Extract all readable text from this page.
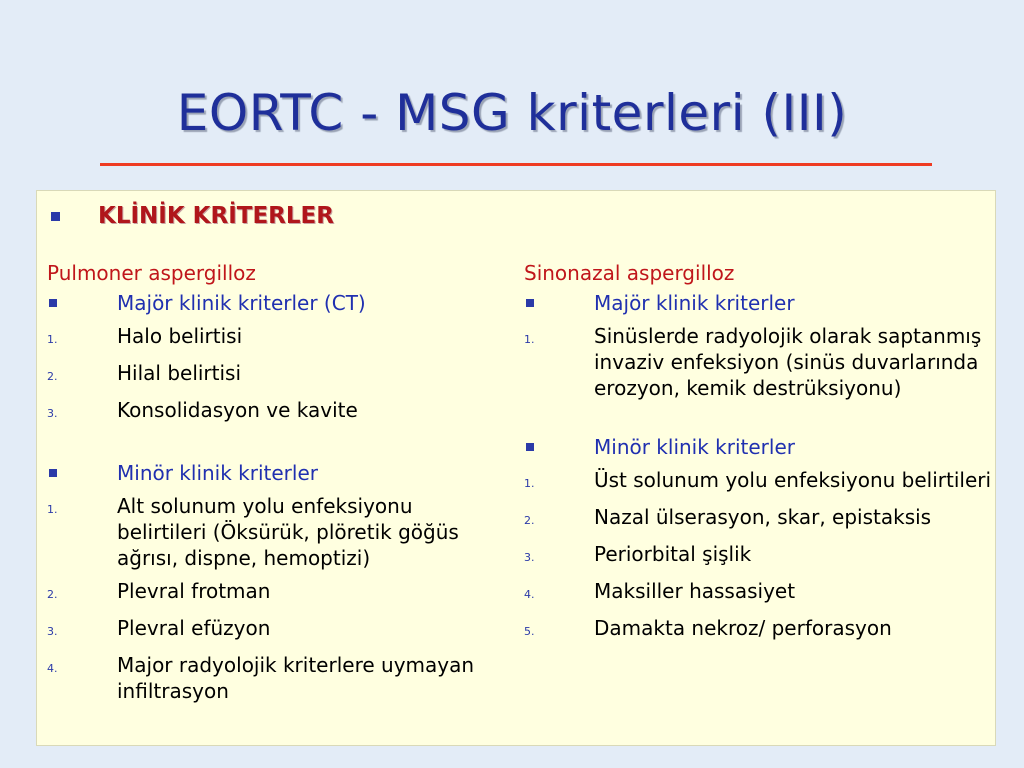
EORTC - MSG kriterleri (III)
KLİNİK KRİTERLER
Pulmoner aspergilloz
Majör klinik kriterler (CT)
1.	Halo belirtisi
2.	Hilal belirtisi
3.	Konsolidasyon ve kavite
Minör klinik kriterler
1.	Alt solunum yolu enfeksiyonu belirtileri (Öksürük, plöretik göğüs ağrısı, dispne, hemoptizi)
2.	Plevral frotman
3.	Plevral efüzyon
4.	Major radyolojik kriterlere uymayan infiltrasyon
Sinonazal aspergilloz
Majör klinik kriterler
1.	Sinüslerde radyolojik olarak saptanmış invaziv enfeksiyon (sinüs duvarlarında erozyon, kemik destrüksiyonu)
Minör klinik kriterler
1.	Üst solunum yolu enfeksiyonu belirtileri
2.	Nazal ülserasyon, skar, epistaksis
3.	Periorbital şişlik
4.	Maksiller hassasiyet
5.	Damakta nekroz/ perforasyon
